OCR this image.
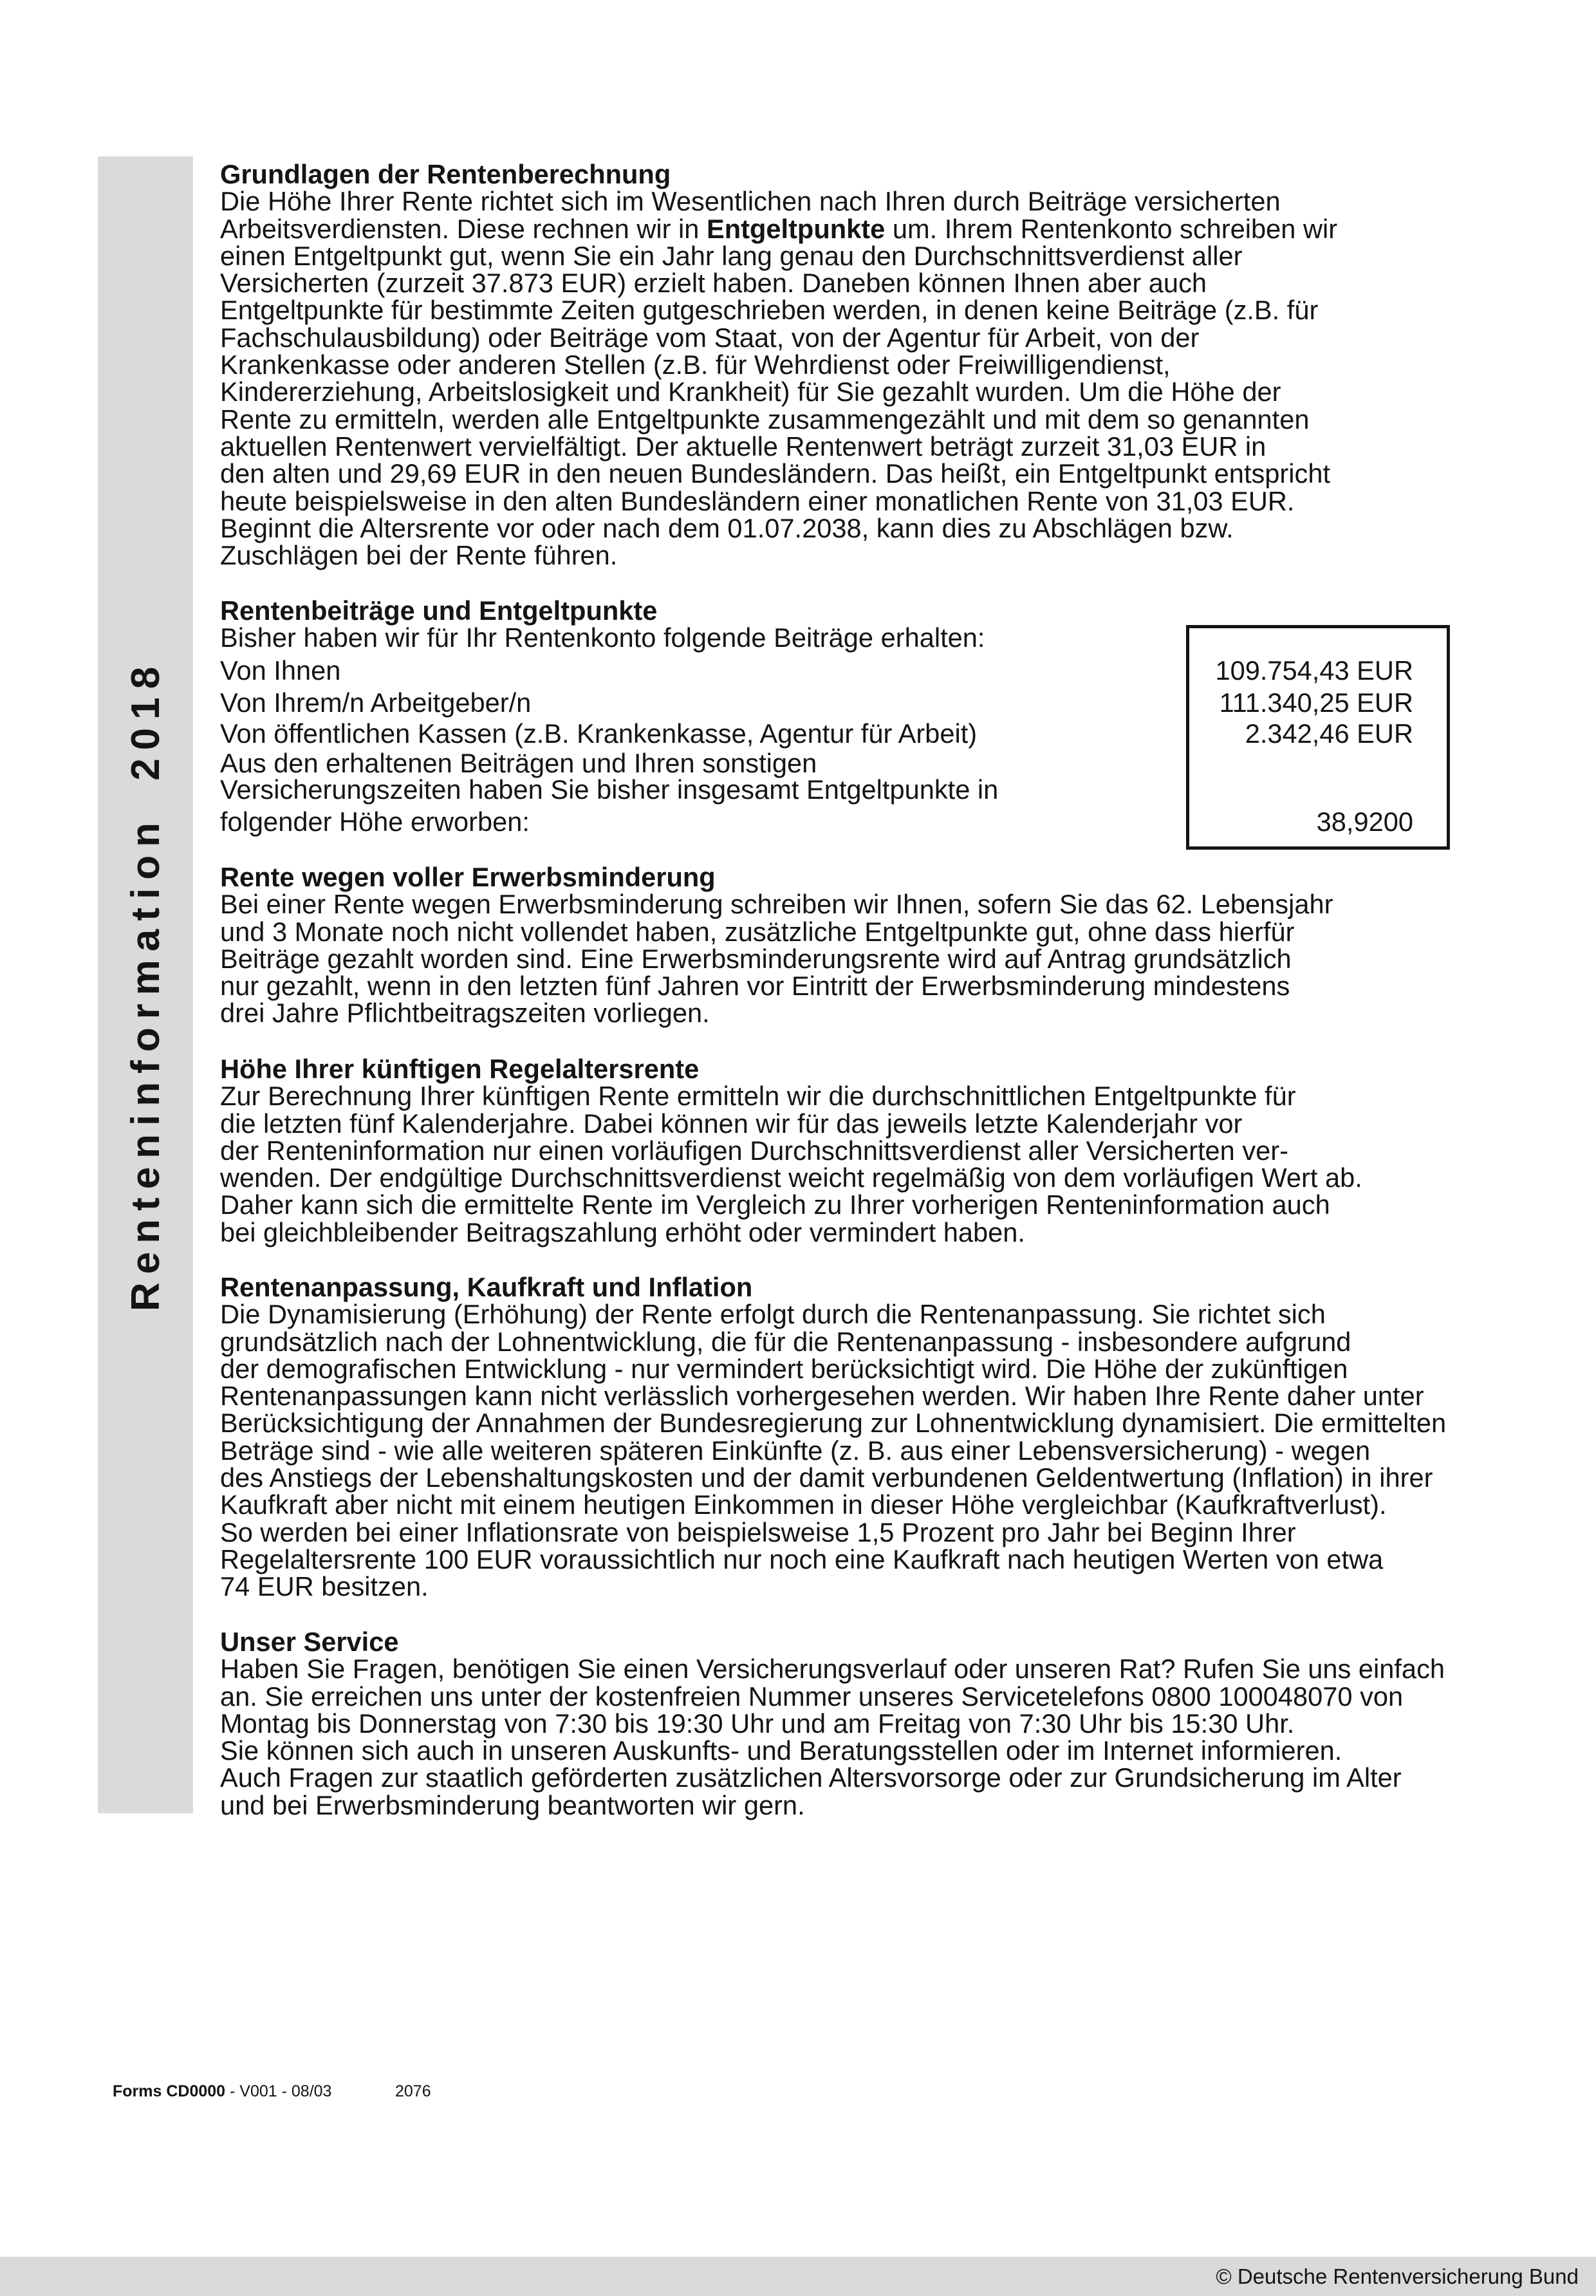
Renteninformation 2018
Grundlagen der Rentenberechnung
Die Höhe Ihrer Rente richtet sich im Wesentlichen nach Ihren durch Beiträge versicherten
Arbeitsverdiensten. Diese rechnen wir in Entgeltpunkte um. Ihrem Rentenkonto schreiben wir
einen Entgeltpunkt gut, wenn Sie ein Jahr lang genau den Durchschnittsverdienst aller
Versicherten (zurzeit 37.873 EUR) erzielt haben. Daneben können Ihnen aber auch
Entgeltpunkte für bestimmte Zeiten gutgeschrieben werden, in denen keine Beiträge (z.B. für
Fachschulausbildung) oder Beiträge vom Staat, von der Agentur für Arbeit, von der
Krankenkasse oder anderen Stellen (z.B. für Wehrdienst oder Freiwilligendienst,
Kindererziehung, Arbeitslosigkeit und Krankheit) für Sie gezahlt wurden. Um die Höhe der
Rente zu ermitteln, werden alle Entgeltpunkte zusammengezählt und mit dem so genannten
aktuellen Rentenwert vervielfältigt. Der aktuelle Rentenwert beträgt zurzeit 31,03 EUR in
den alten und 29,69 EUR in den neuen Bundesländern. Das heißt, ein Entgeltpunkt entspricht
heute beispielsweise in den alten Bundesländern einer monatlichen Rente von 31,03 EUR.
Beginnt die Altersrente vor oder nach dem 01.07.2038, kann dies zu Abschlägen bzw.
Zuschlägen bei der Rente führen.
Rentenbeiträge und Entgeltpunkte
Bisher haben wir für Ihr Rentenkonto folgende Beiträge erhalten:
Von Ihnen	109.754,43 EUR
Von Ihrem/n Arbeitgeber/n	111.340,25 EUR
Von öffentlichen Kassen (z.B. Krankenkasse, Agentur für Arbeit)	2.342,46 EUR
Aus den erhaltenen Beiträgen und Ihren sonstigen
Versicherungszeiten haben Sie bisher insgesamt Entgeltpunkte in
folgender Höhe erworben:	38,9200
Rente wegen voller Erwerbsminderung
Bei einer Rente wegen Erwerbsminderung schreiben wir Ihnen, sofern Sie das 62. Lebensjahr
und 3 Monate noch nicht vollendet haben, zusätzliche Entgeltpunkte gut, ohne dass hierfür
Beiträge gezahlt worden sind. Eine Erwerbsminderungsrente wird auf Antrag grundsätzlich
nur gezahlt, wenn in den letzten fünf Jahren vor Eintritt der Erwerbsminderung mindestens
drei Jahre Pflichtbeitragszeiten vorliegen.
Höhe Ihrer künftigen Regelaltersrente
Zur Berechnung Ihrer künftigen Rente ermitteln wir die durchschnittlichen Entgeltpunkte für
die letzten fünf Kalenderjahre. Dabei können wir für das jeweils letzte Kalenderjahr vor
der Renteninformation nur einen vorläufigen Durchschnittsverdienst aller Versicherten ver-
wenden. Der endgültige Durchschnittsverdienst weicht regelmäßig von dem vorläufigen Wert ab.
Daher kann sich die ermittelte Rente im Vergleich zu Ihrer vorherigen Renteninformation auch
bei gleichbleibender Beitragszahlung erhöht oder vermindert haben.
Rentenanpassung, Kaufkraft und Inflation
Die Dynamisierung (Erhöhung) der Rente erfolgt durch die Rentenanpassung. Sie richtet sich
grundsätzlich nach der Lohnentwicklung, die für die Rentenanpassung - insbesondere aufgrund
der demografischen Entwicklung - nur vermindert berücksichtigt wird. Die Höhe der zukünftigen
Rentenanpassungen kann nicht verlässlich vorhergesehen werden. Wir haben Ihre Rente daher unter
Berücksichtigung der Annahmen der Bundesregierung zur Lohnentwicklung dynamisiert. Die ermittelten
Beträge sind - wie alle weiteren späteren Einkünfte (z. B. aus einer Lebensversicherung) - wegen
des Anstiegs der Lebenshaltungskosten und der damit verbundenen Geldentwertung (Inflation) in ihrer
Kaufkraft aber nicht mit einem heutigen Einkommen in dieser Höhe vergleichbar (Kaufkraftverlust).
So werden bei einer Inflationsrate von beispielsweise 1,5 Prozent pro Jahr bei Beginn Ihrer
Regelaltersrente 100 EUR voraussichtlich nur noch eine Kaufkraft nach heutigen Werten von etwa
74 EUR besitzen.
Unser Service
Haben Sie Fragen, benötigen Sie einen Versicherungsverlauf oder unseren Rat? Rufen Sie uns einfach
an. Sie erreichen uns unter der kostenfreien Nummer unseres Servicetelefons 0800 100048070 von
Montag bis Donnerstag von 7:30 bis 19:30 Uhr und am Freitag von 7:30 Uhr bis 15:30 Uhr.
Sie können sich auch in unseren Auskunfts- und Beratungsstellen oder im Internet informieren.
Auch Fragen zur staatlich geförderten zusätzlichen Altersvorsorge oder zur Grundsicherung im Alter
und bei Erwerbsminderung beantworten wir gern.
Forms CD0000 - V001 - 08/03	2076
© Deutsche Rentenversicherung Bund
